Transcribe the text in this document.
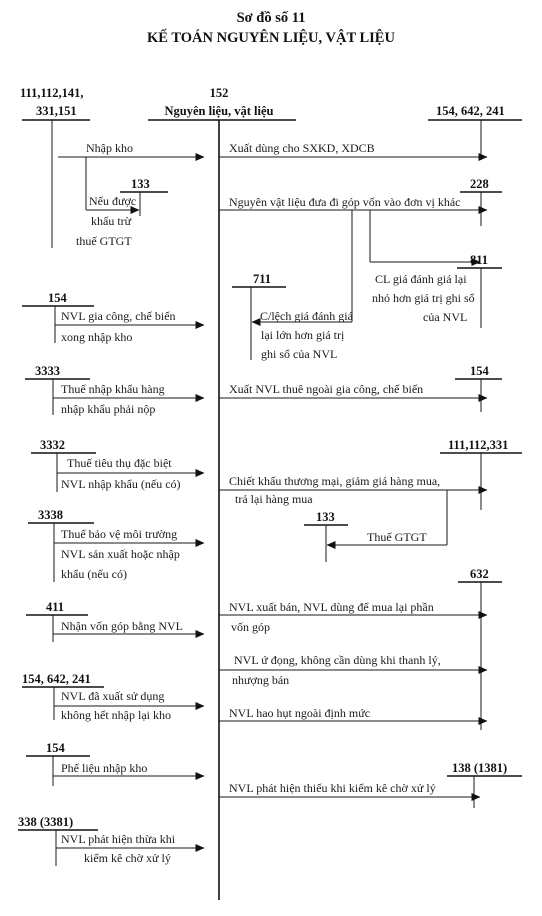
Sơ đồ số 11
KẾ TOÁN NGUYÊN LIỆU, VẬT LIỆU
152
Nguyên liệu, vật liệu
111,112,141,
331,151
Nhập kho
133
Nếu được
khấu trừ
thuế GTGT
154
NVL gia công, chế biến
xong nhập kho
3333
Thuế nhập khẩu hàng
nhập khẩu phải nộp
3332
Thuế tiêu thụ đặc biệt
NVL nhập khẩu (nếu có)
3338
Thuế bảo vệ môi trường
NVL sản xuất hoặc nhập
khẩu (nếu có)
411
Nhận vốn góp bằng NVL
154, 642, 241
NVL đã xuất sử dụng
không hết nhập lại kho
154
Phế liệu nhập kho
338 (3381)
NVL phát hiện thừa khi
kiểm kê chờ xử lý
154, 642, 241
Xuất dùng cho SXKD, XDCB
228
Nguyên vật liệu đưa đi góp vốn vào đơn vị khác
811
CL giá đánh giá lại
nhỏ hơn giá trị ghi sổ
của NVL
711
C/lệch giá đánh giá
lại lớn hơn giá trị
ghi sổ của NVL
154
Xuất NVL thuê ngoài gia công, chế biến
111,112,331
Chiết khấu thương mại, giảm giá hàng mua,
trả lại hàng mua
133
Thuế GTGT
632
NVL xuất bán, NVL dùng để mua lại phần
vốn góp
NVL ứ đọng, không cần dùng khi thanh lý,
nhượng bán
NVL hao hụt ngoài định mức
138 (1381)
NVL phát hiện thiếu khi kiểm kê chờ xử lý
